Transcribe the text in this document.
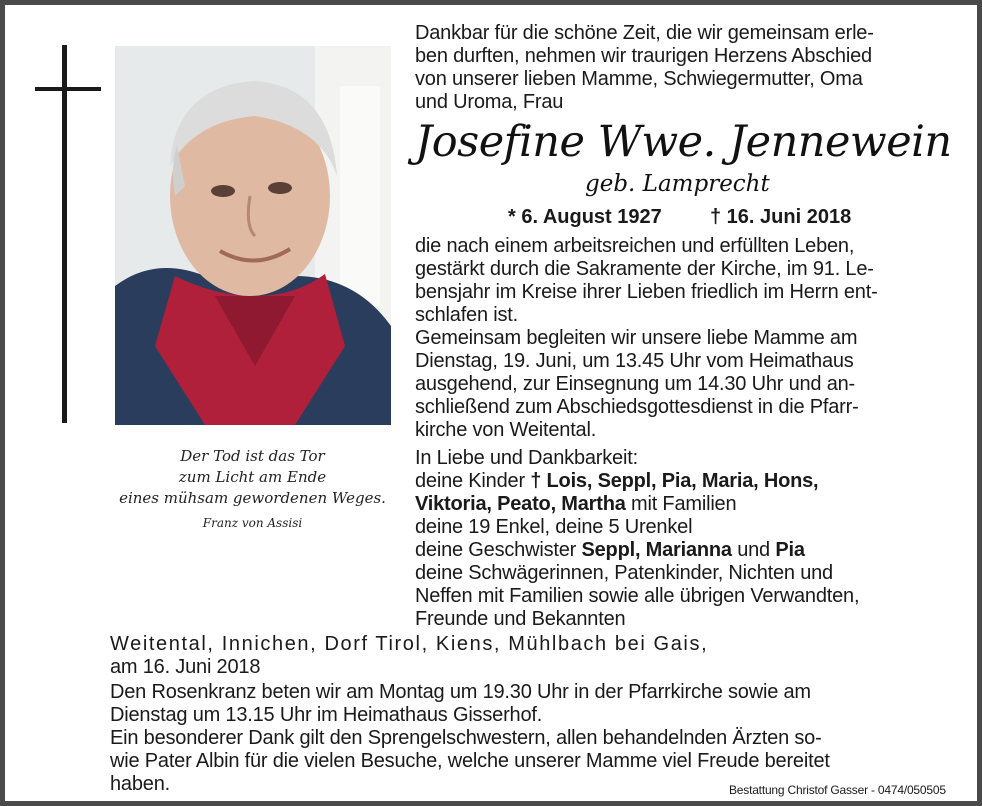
Der Tod ist das Tor
zum Licht am Ende
eines mühsam gewordenen Weges.
Franz von Assisi
Dankbar für die schöne Zeit, die wir gemeinsam erle-
ben durften, nehmen wir traurigen Herzens Abschied
von unserer lieben Mamme, Schwiegermutter, Oma
und Uroma, Frau
Josefine Wwe. Jennewein
geb. Lamprecht
* 6. August 1927 † 16. Juni 2018
die nach einem arbeitsreichen und erfüllten Leben,
gestärkt durch die Sakramente der Kirche, im 91. Le-
bensjahr im Kreise ihrer Lieben friedlich im Herrn ent-
schlafen ist.
Gemeinsam begleiten wir unsere liebe Mamme am
Dienstag, 19. Juni, um 13.45 Uhr vom Heimathaus
ausgehend, zur Einsegnung um 14.30 Uhr und an-
schließend zum Abschiedsgottesdienst in die Pfarr-
kirche von Weitental.
In Liebe und Dankbarkeit:
deine Kinder † Lois, Seppl, Pia, Maria, Hons,
Viktoria, Peato, Martha mit Familien
deine 19 Enkel, deine 5 Urenkel
deine Geschwister Seppl, Marianna und Pia
deine Schwägerinnen, Patenkinder, Nichten und
Neffen mit Familien sowie alle übrigen Verwandten,
Freunde und Bekannten
Weitental, Innichen, Dorf Tirol, Kiens, Mühlbach bei Gais,
am 16. Juni 2018
Den Rosenkranz beten wir am Montag um 19.30 Uhr in der Pfarrkirche sowie am
Dienstag um 13.15 Uhr im Heimathaus Gisserhof.
Ein besonderer Dank gilt den Sprengelschwestern, allen behandelnden Ärzten so-
wie Pater Albin für die vielen Besuche, welche unserer Mamme viel Freude bereitet
haben.	Bestattung Christof Gasser - 0474/050505
